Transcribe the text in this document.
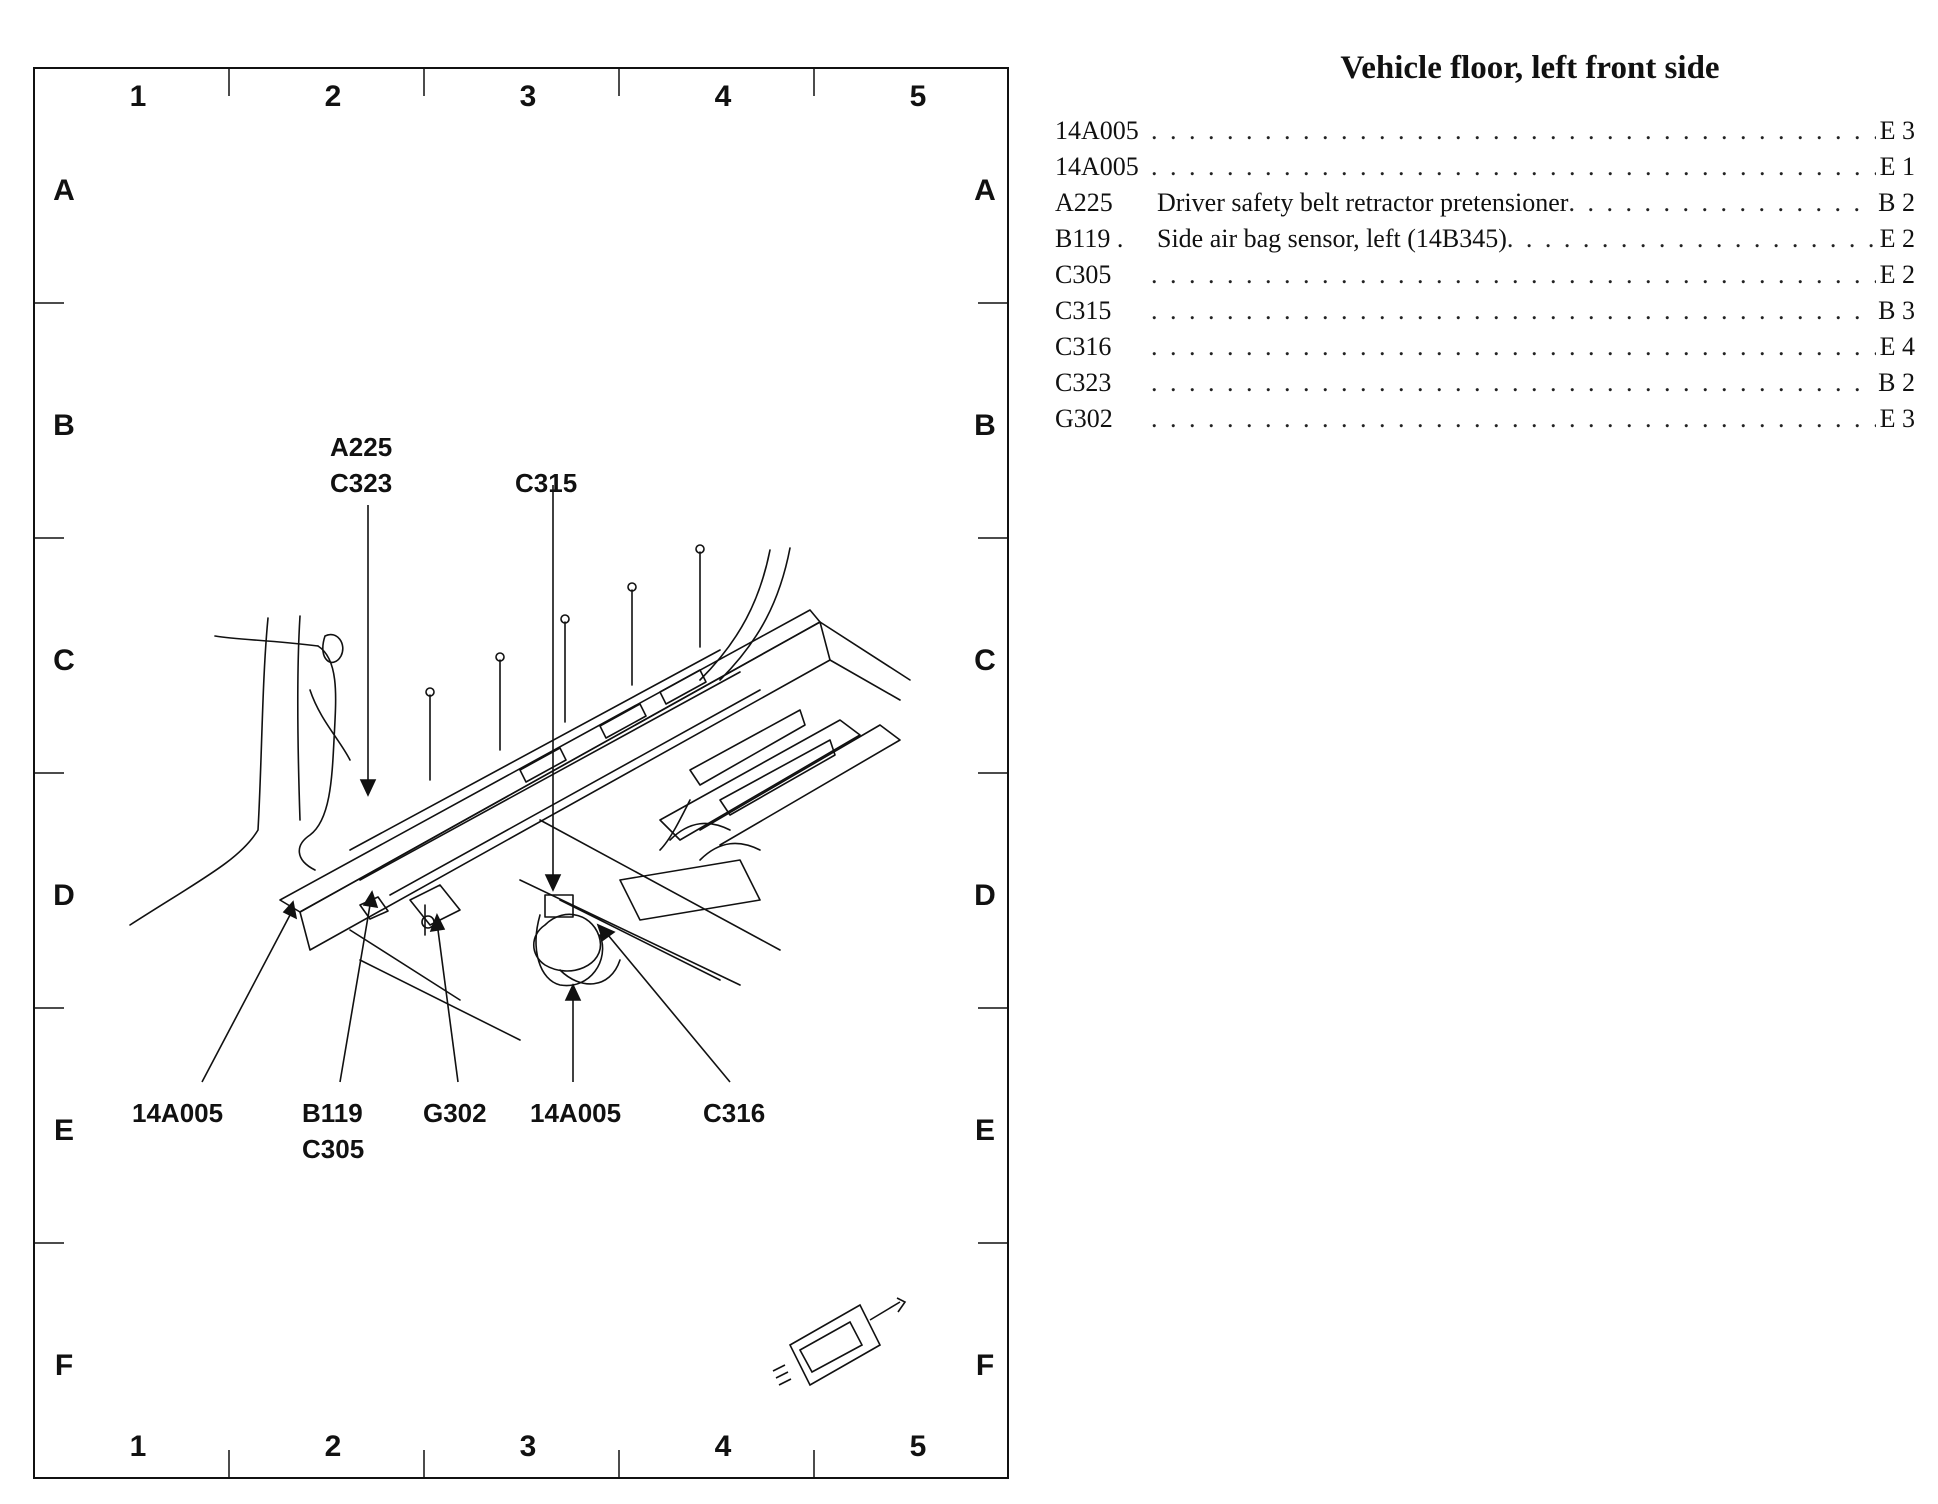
1	2	3	4	5
1	2	3	4	5
A
B
C
D
E
F
A
B
C
D
E
F
A225
C323	C315
14A005	B119
C305
G302 14A005	C316
Vehicle floor, left front side
14A005 . . .	E 3
14A005 . . .	E 1
A225	Driver safety belt retractor pretensioner . . .	B 2
B119 .	Side air bag sensor, left (14B345) . . .	E 2
C305 . . .	E 2
C315 . . .	B 3
C316 . . .	E 4
C323 . . .	B 2
G302 . . .	E 3
